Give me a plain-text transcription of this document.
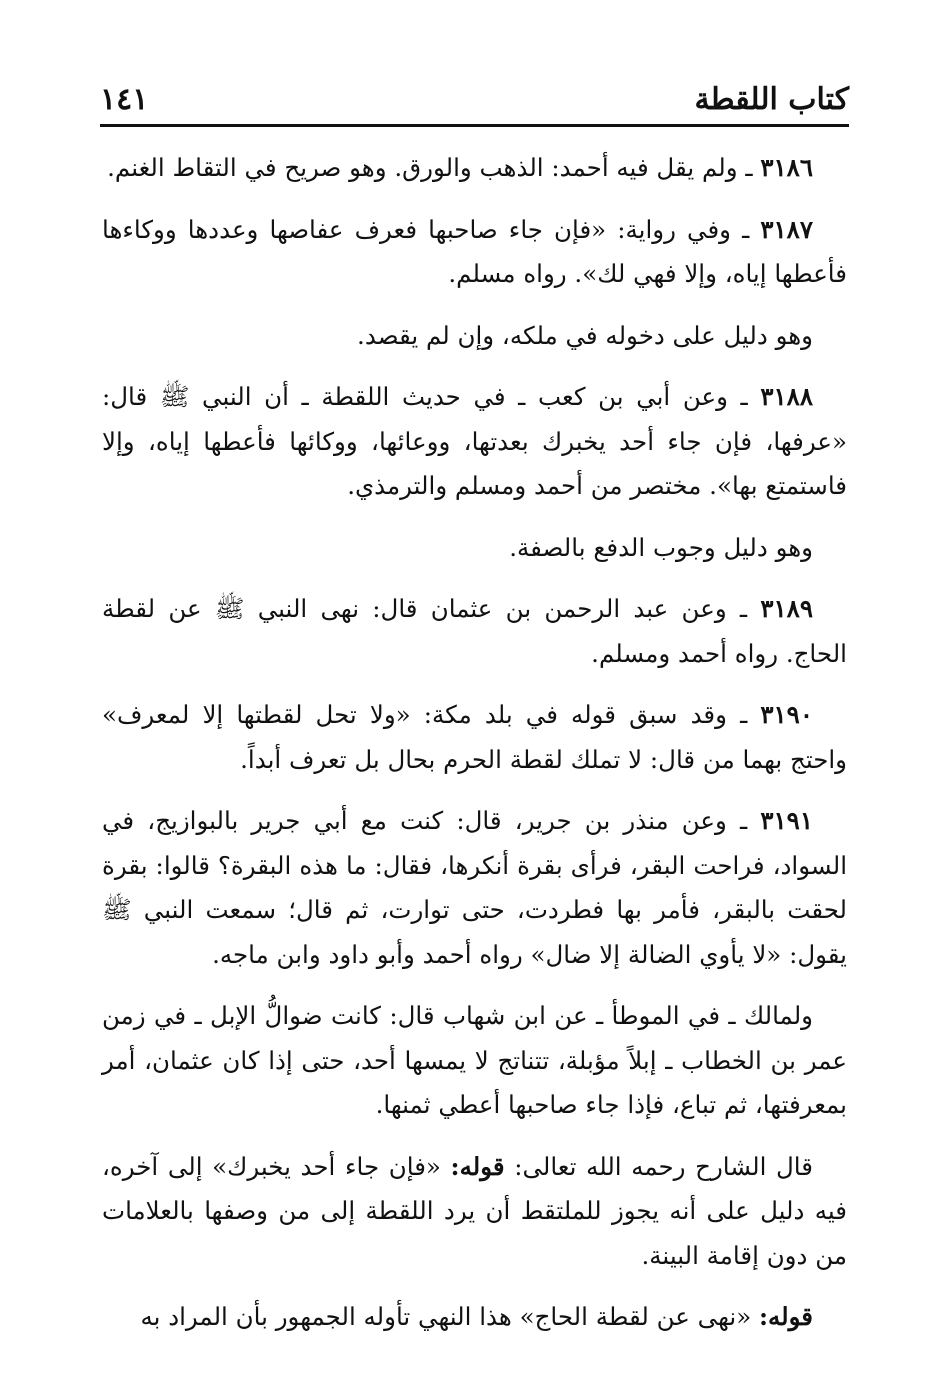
كتاب اللقطة
١٤١

٣١٨٦ ـ ولم يقل فيه أحمد: الذهب والورق. وهو صريح في التقاط الغنم.

٣١٨٧ ـ وفي رواية: «فإن جاء صاحبها فعرف عفاصها وعددها ووكاءها فأعطها إياه، وإلا فهي لك». رواه مسلم.

وهو دليل على دخوله في ملكه، وإن لم يقصد.

٣١٨٨ ـ وعن أبي بن كعب ـ في حديث اللقطة ـ أن النبي ﷺ قال: «عرفها، فإن جاء أحد يخبرك بعدتها، ووعائها، ووكائها فأعطها إياه، وإلا فاستمتع بها». مختصر من أحمد ومسلم والترمذي.

وهو دليل وجوب الدفع بالصفة.

٣١٨٩ ـ وعن عبد الرحمن بن عثمان قال: نهى النبي ﷺ عن لقطة الحاج. رواه أحمد ومسلم.

٣١٩٠ ـ وقد سبق قوله في بلد مكة: «ولا تحل لقطتها إلا لمعرف» واحتج بهما من قال: لا تملك لقطة الحرم بحال بل تعرف أبداً.

٣١٩١ ـ وعن منذر بن جرير، قال: كنت مع أبي جرير بالبوازيج، في السواد، فراحت البقر، فرأى بقرة أنكرها، فقال: ما هذه البقرة؟ قالوا: بقرة لحقت بالبقر، فأمر بها فطردت، حتى توارت، ثم قال؛ سمعت النبي ﷺ يقول: «لا يأوي الضالة إلا ضال» رواه أحمد وأبو داود وابن ماجه.

ولمالك ـ في الموطأ ـ عن ابن شهاب قال: كانت ضوالُّ الإبل ـ في زمن عمر بن الخطاب ـ إبلاً مؤبلة، تتناتج لا يمسها أحد، حتى إذا كان عثمان، أمر بمعرفتها، ثم تباع، فإذا جاء صاحبها أعطي ثمنها.

قال الشارح رحمه الله تعالى: قوله: «فإن جاء أحد يخبرك» إلى آخره، فيه دليل على أنه يجوز للملتقط أن يرد اللقطة إلى من وصفها بالعلامات من دون إقامة البينة.

قوله: «نهى عن لقطة الحاج» هذا النهي تأوله الجمهور بأن المراد به
